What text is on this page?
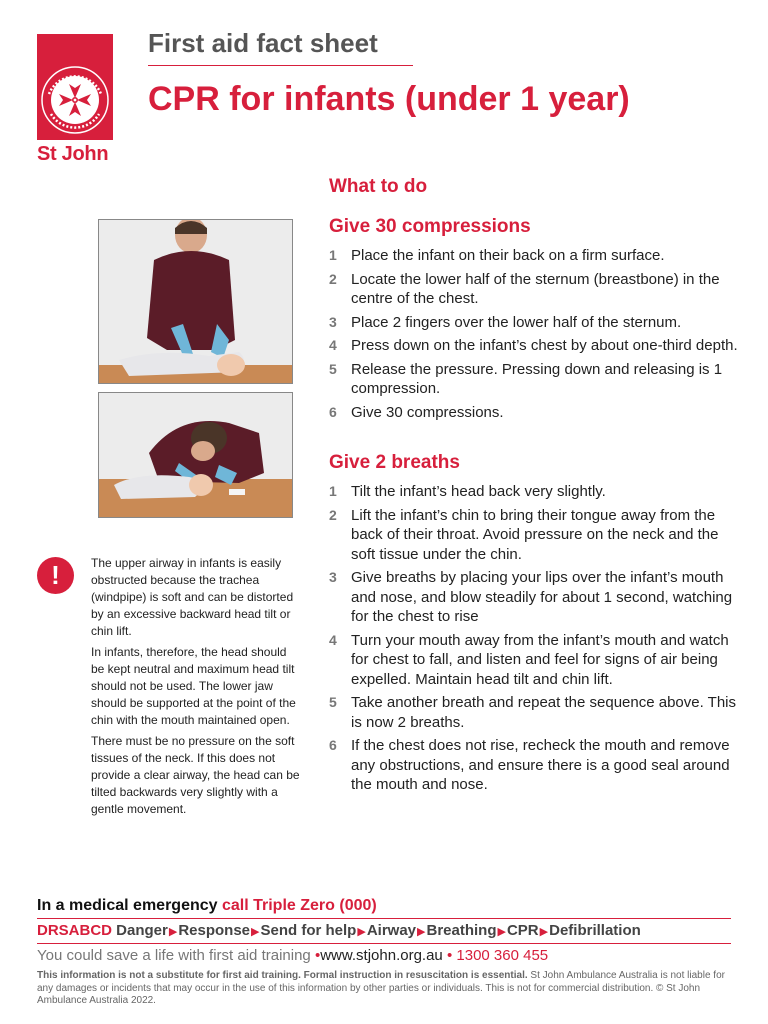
St John
First aid fact sheet
CPR for infants (under 1 year)
What to do
Give 30 compressions
1 Place the infant on their back on a firm surface.
2 Locate the lower half of the sternum (breastbone) in the centre of the chest.
3 Place 2 fingers over the lower half of the sternum.
4 Press down on the infant’s chest by about one-third depth.
5 Release the pressure. Pressing down and releasing is 1 compression.
6 Give 30 compressions.
Give 2 breaths
1 Tilt the infant’s head back very slightly.
2 Lift the infant’s chin to bring their tongue away from the back of their throat. Avoid pressure on the neck and the soft tissue under the chin.
3 Give breaths by placing your lips over the infant’s mouth and nose, and blow steadily for about 1 second, watching for the chest to rise
4 Turn your mouth away from the infant’s mouth and watch for chest to fall, and listen and feel for signs of air being expelled. Maintain head tilt and chin lift.
5 Take another breath and repeat the sequence above. This is now 2 breaths.
6 If the chest does not rise, recheck the mouth and remove any obstructions, and ensure there is a good seal around the mouth and nose.
!	The upper airway in infants is easily obstructed because the trachea (windpipe) is soft and can be distorted by an excessive backward head tilt or chin lift.

In infants, therefore, the head should be kept neutral and maximum head tilt should not be used. The lower jaw should be supported at the point of the chin with the mouth maintained open.

There must be no pressure on the soft tissues of the neck. If this does not provide a clear airway, the head can be tilted backwards very slightly with a gentle movement.

In a medical emergency call Triple Zero (000)
DRSABCD Danger▶Response▶Send for help▶Airway▶Breathing▶CPR▶Defibrillation
You could save a life with first aid training •www.stjohn.org.au • 1300 360 455
This information is not a substitute for first aid training. Formal instruction in resuscitation is essential. St John Ambulance Australia is not liable for any damages or incidents that may occur in the use of this information by other parties or individuals. This is not for commercial distribution. © St John Ambulance Australia 2022.
